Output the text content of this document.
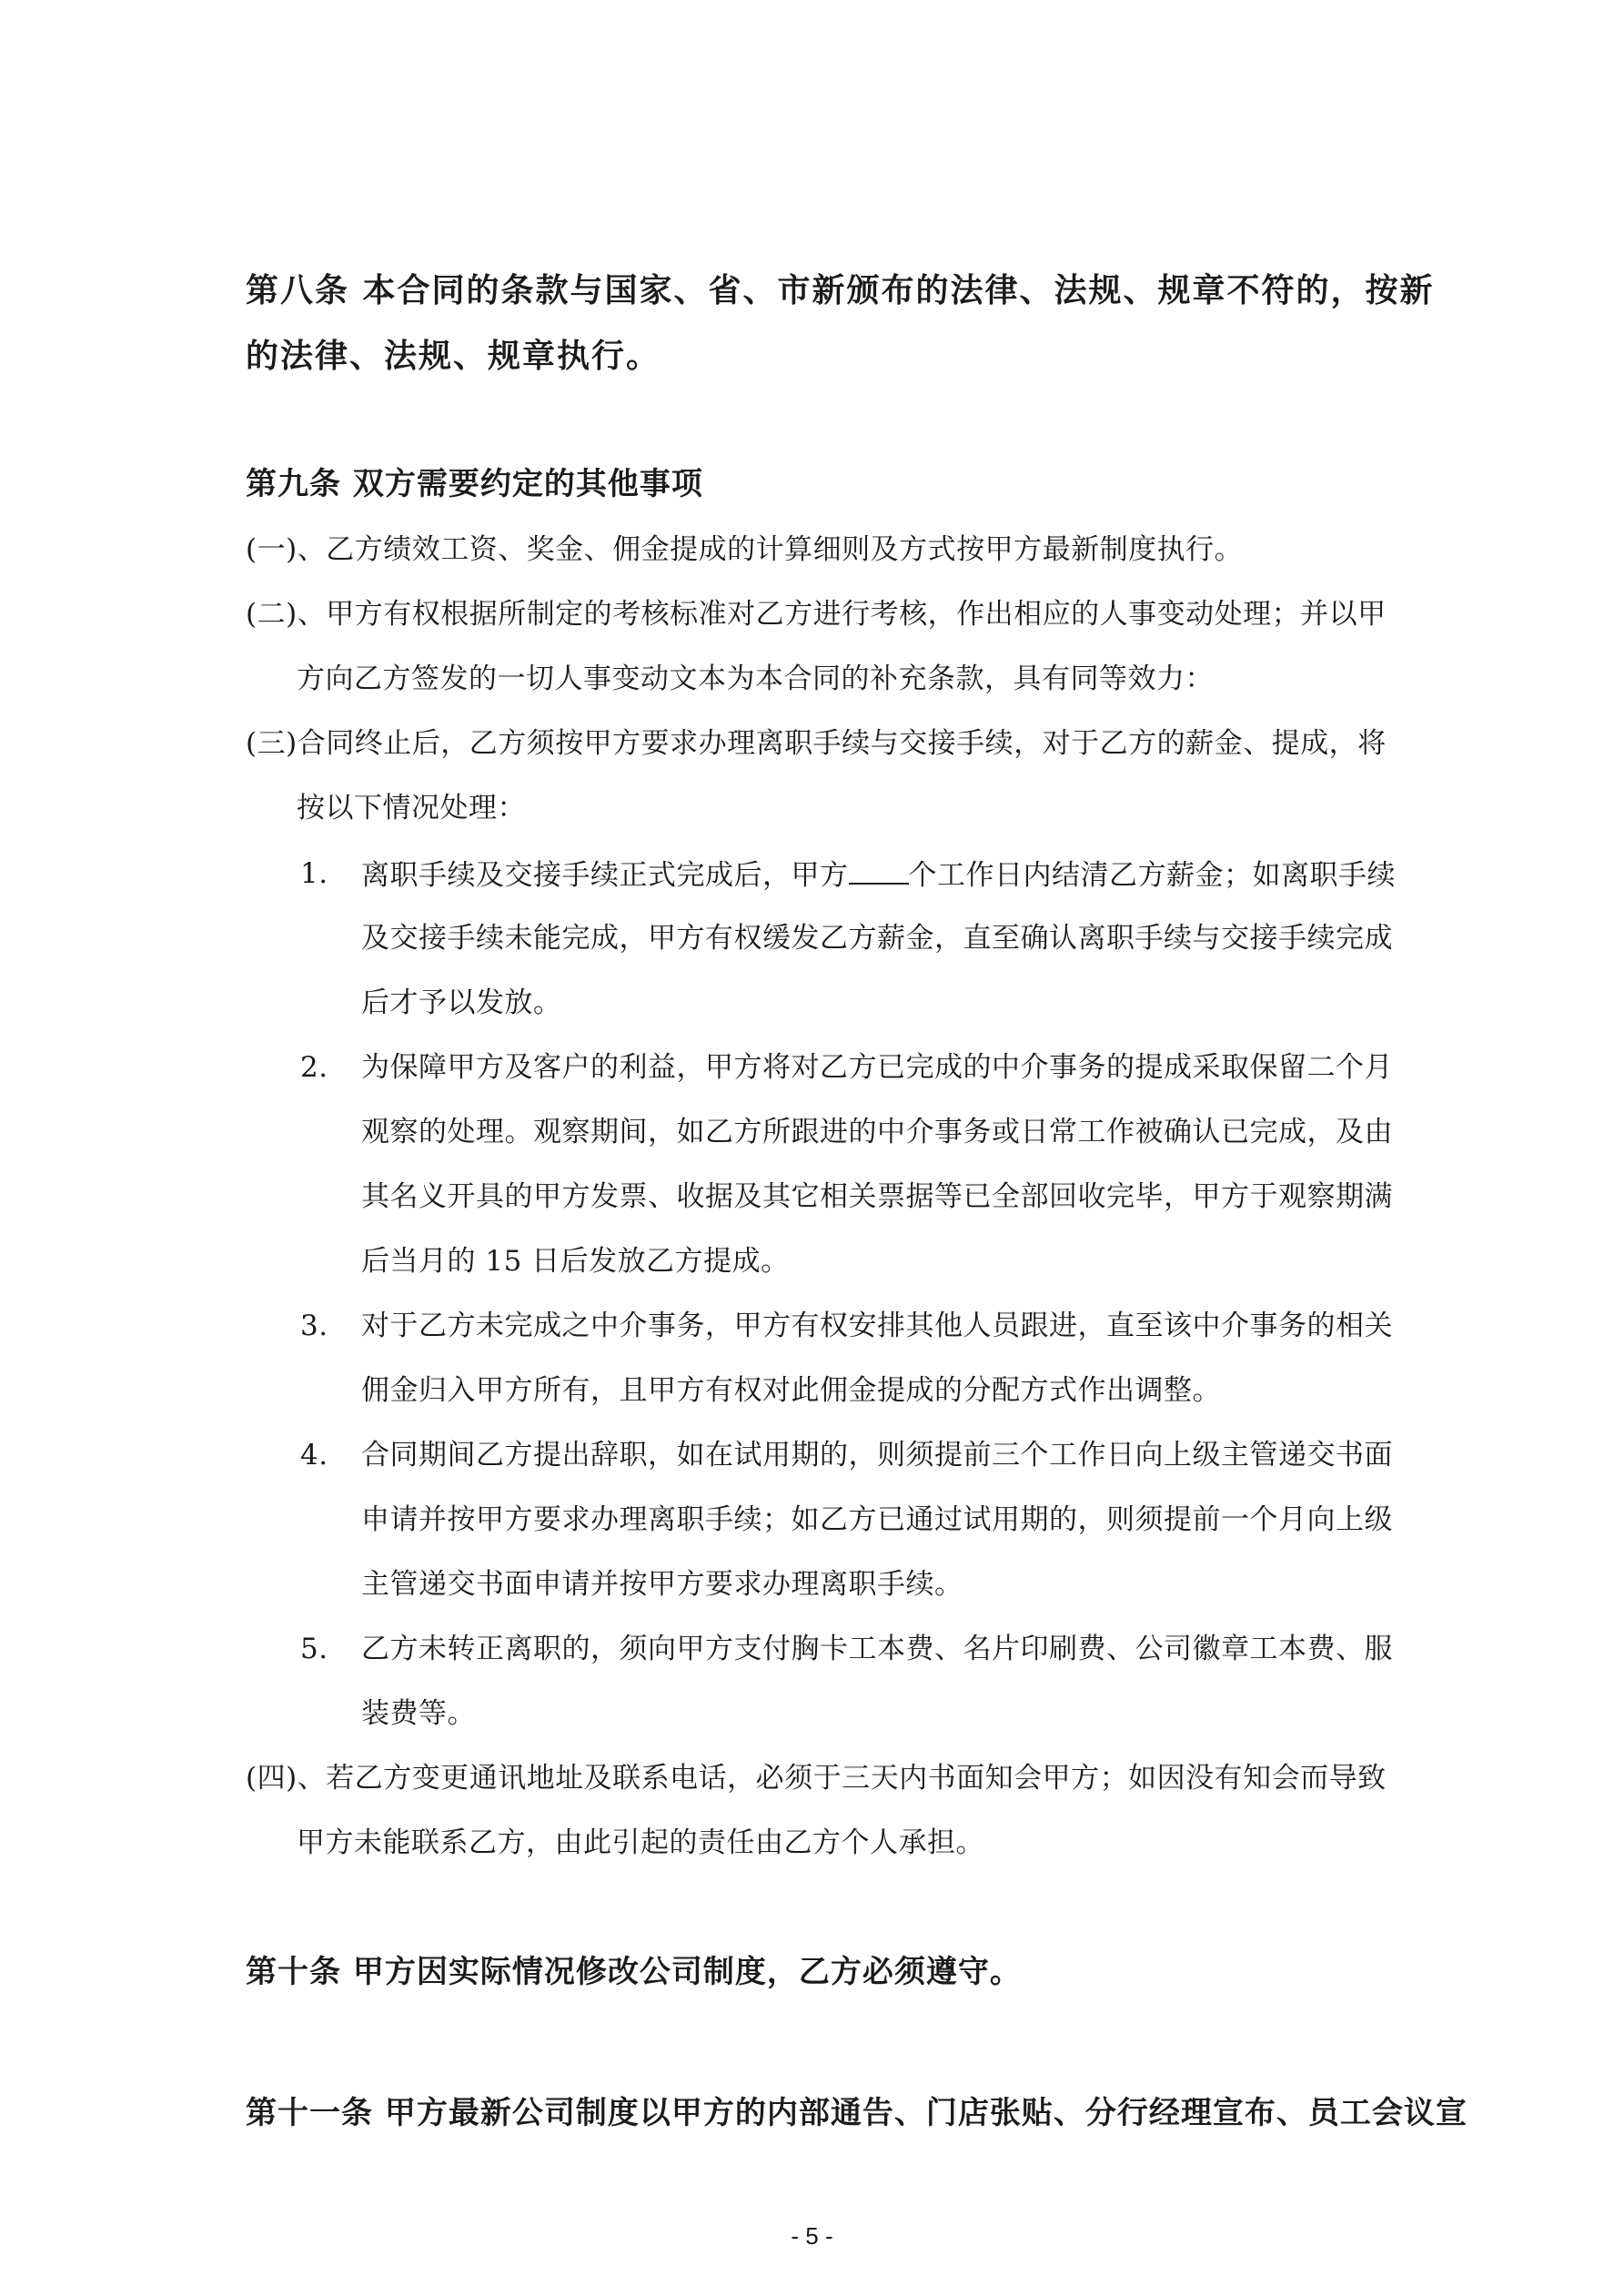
第八条 本合同的条款与国家、省、市新颁布的法律、法规、规章不符的，按新
的法律、法规、规章执行。
第九条 双方需要约定的其他事项
(一)、乙方绩效工资、奖金、佣金提成的计算细则及方式按甲方最新制度执行。
(二)、甲方有权根据所制定的考核标准对乙方进行考核，作出相应的人事变动处理；并以甲
方向乙方签发的一切人事变动文本为本合同的补充条款，具有同等效力：
(三)合同终止后，乙方须按甲方要求办理离职手续与交接手续，对于乙方的薪金、提成，将
按以下情况处理：
1. 离职手续及交接手续正式完成后，甲方 个工作日内结清乙方薪金；如离职手续
及交接手续未能完成，甲方有权缓发乙方薪金，直至确认离职手续与交接手续完成
后才予以发放。
2. 为保障甲方及客户的利益，甲方将对乙方已完成的中介事务的提成采取保留二个月
观察的处理。观察期间，如乙方所跟进的中介事务或日常工作被确认已完成，及由
其名义开具的甲方发票、收据及其它相关票据等已全部回收完毕，甲方于观察期满
后当月的 15 日后发放乙方提成。
3. 对于乙方未完成之中介事务，甲方有权安排其他人员跟进，直至该中介事务的相关
佣金归入甲方所有，且甲方有权对此佣金提成的分配方式作出调整。
4. 合同期间乙方提出辞职，如在试用期的，则须提前三个工作日向上级主管递交书面
申请并按甲方要求办理离职手续；如乙方已通过试用期的，则须提前一个月向上级
主管递交书面申请并按甲方要求办理离职手续。
5. 乙方未转正离职的，须向甲方支付胸卡工本费、名片印刷费、公司徽章工本费、服
装费等。
(四)、若乙方变更通讯地址及联系电话，必须于三天内书面知会甲方；如因没有知会而导致
甲方未能联系乙方，由此引起的责任由乙方个人承担。
第十条 甲方因实际情况修改公司制度，乙方必须遵守。
第十一条 甲方最新公司制度以甲方的内部通告、门店张贴、分行经理宣布、员工会议宣
- 5 -
